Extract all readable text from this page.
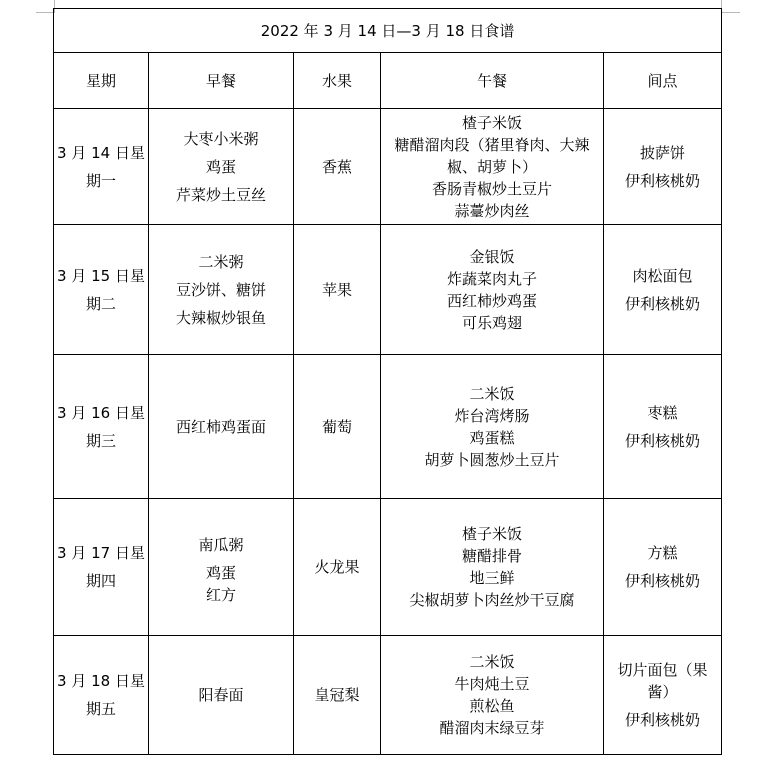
2022 年 3 月 14 日—3 月 18 日食谱				
星期	早餐	水果	午餐	间点

3 月 14 日星
期一	大枣小米粥
鸡蛋
芹菜炒土豆丝	香蕉	楂子米饭
糖醋溜肉段（猪里脊肉、大辣
椒、胡萝卜）
香肠青椒炒土豆片
蒜薹炒肉丝	披萨饼
伊利核桃奶

3 月 15 日星
期二	二米粥
豆沙饼、糖饼
大辣椒炒银鱼	苹果	金银饭
炸蔬菜肉丸子
西红柿炒鸡蛋
可乐鸡翅	肉松面包
伊利核桃奶

3 月 16 日星
期三	西红柿鸡蛋面	葡萄	二米饭
炸台湾烤肠
鸡蛋糕
胡萝卜圆葱炒土豆片	枣糕
伊利核桃奶

3 月 17 日星
期四	南瓜粥
鸡蛋
红方	火龙果	楂子米饭
糖醋排骨
地三鲜
尖椒胡萝卜肉丝炒干豆腐	方糕
伊利核桃奶

3 月 18 日星
期五	阳春面	皇冠梨	二米饭
牛肉炖土豆
煎松鱼
醋溜肉末绿豆芽	切片面包（果
酱）
伊利核桃奶
